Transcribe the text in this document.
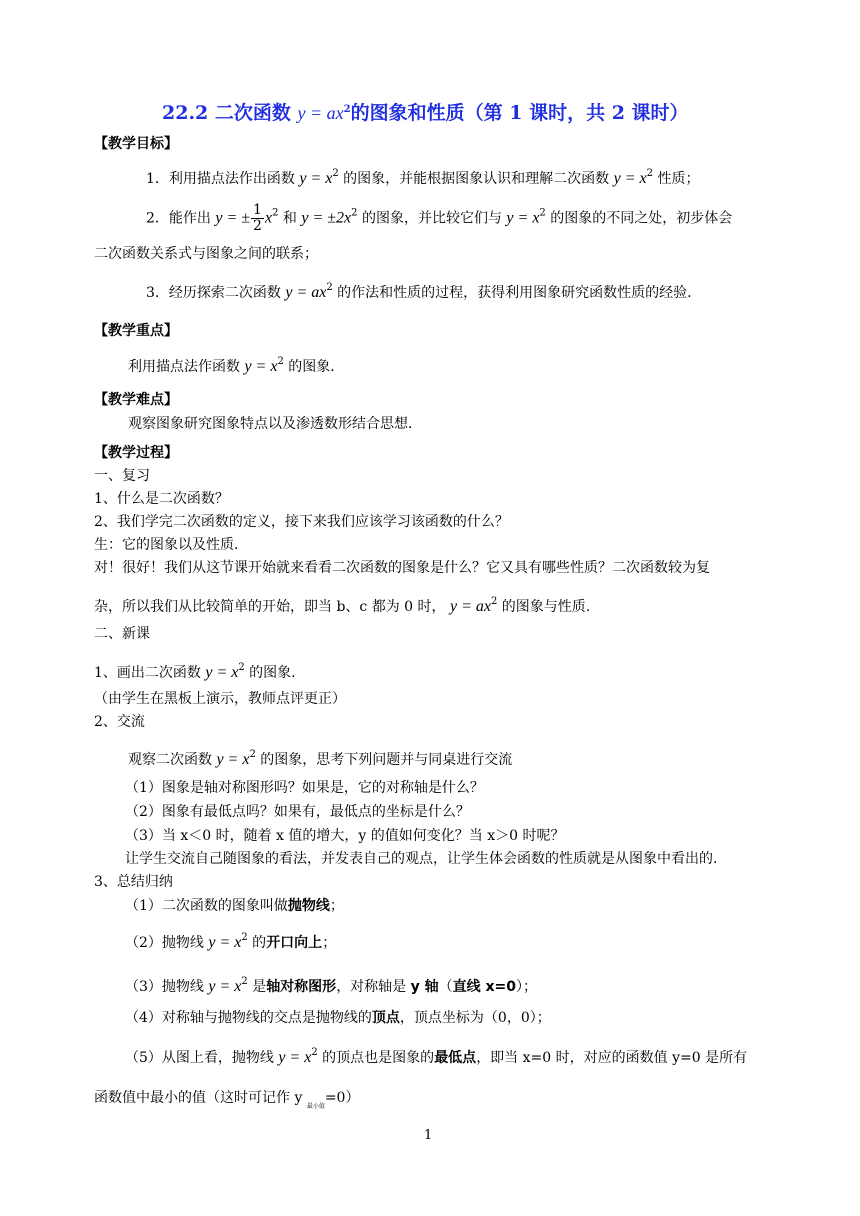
22.2 二次函数 $y = ax^2$的图象和性质（第 1 课时，共 2 课时）
【教学目标】
1．利用描点法作出函数 $y = x^2$ 的图象，并能根据图象认识和理解二次函数 $y = x^2$ 性质；
2．能作出 y = ± $\frac{1}{2} x^2$ 和 $y = \pm 2x^2$ 的图象，并比较它们与 $y = x^2$ 的图象的不同之处，初步体会
二次函数关系式与图象之间的联系；
3．经历探索二次函数 $y = ax^2$ 的作法和性质的过程，获得利用图象研究函数性质的经验．
【教学重点】
利用描点法作函数 $y = x^2$ 的图象．
【教学难点】
观察图象研究图象特点以及渗透数形结合思想．
【教学过程】
一、复习
1、什么是二次函数？
2、我们学完二次函数的定义，接下来我们应该学习该函数的什么？
生：它的图象以及性质．
对！很好！我们从这节课开始就来看看二次函数的图象是什么？它又具有哪些性质？二次函数较为复
杂，所以我们从比较简单的开始，即当 b、c 都为 0 时， $y = ax^2$ 的图象与性质.
二、新课
1、画出二次函数 $y = x^2$ 的图象.
（由学生在黑板上演示，教师点评更正）
2、交流
观察二次函数 $y = x^2$ 的图象，思考下列问题并与同桌进行交流
（1）图象是轴对称图形吗？如果是，它的对称轴是什么？
（2）图象有最低点吗？如果有，最低点的坐标是什么？
（3）当 x＜0 时，随着 x 值的增大，y 的值如何变化？当 x＞0 时呢？
让学生交流自己随图象的看法，并发表自己的观点，让学生体会函数的性质就是从图象中看出的.
3、总结归纳
（1）二次函数的图象叫做抛物线；
（2）抛物线 $y = x^2$ 的开口向上；
（3）抛物线 $y = x^2$ 是轴对称图形，对称轴是 y 轴（直线 x=0）；
（4）对称轴与抛物线的交点是抛物线的顶点，顶点坐标为（0，0）；
（5）从图上看，抛物线 $y = x^2$ 的顶点也是图象的最低点，即当 x=0 时，对应的函数值 y=0 是所有
函数值中最小的值（这时可记作 y $_{最小值}$=0）
1
